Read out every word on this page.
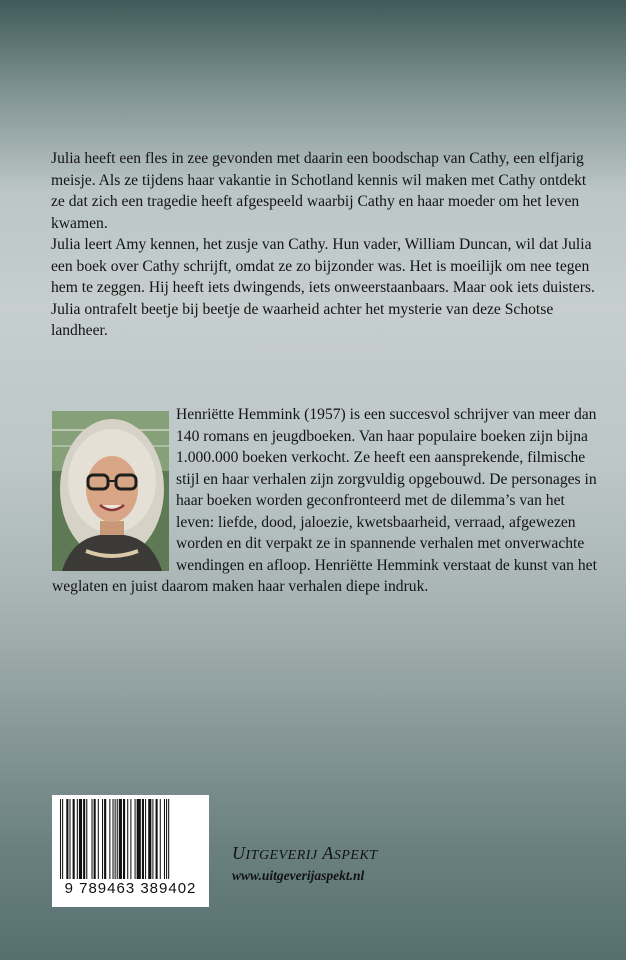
Julia heeft een fles in zee gevonden met daarin een boodschap van Cathy, een elfjarig meisje. Als ze tijdens haar vakantie in Schotland kennis wil maken met Cathy ontdekt ze dat zich een tragedie heeft afgespeeld waarbij Cathy en haar moeder om het leven kwamen.

Julia leert Amy kennen, het zusje van Cathy. Hun vader, William Duncan, wil dat Julia een boek over Cathy schrijft, omdat ze zo bijzonder was. Het is moeilijk om nee tegen hem te zeggen. Hij heeft iets dwingends, iets onweerstaanbaars. Maar ook iets duisters. Julia ontrafelt beetje bij beetje de waarheid achter het mysterie van deze Schotse landheer.

Henriëtte Hemmink (1957) is een succesvol schrijver van meer dan 140 romans en jeugdboeken. Van haar populaire boeken zijn bijna 1.000.000 boeken verkocht. Ze heeft een aansprekende, filmische stijl en haar verhalen zijn zorgvuldig opgebouwd. De personages in haar boeken worden geconfronteerd met de dilemma’s van het leven: liefde, dood, jaloezie, kwetsbaarheid, verraad, afgewezen worden en dit verpakt ze in spannende verhalen met onverwachte wendingen en afloop. Henriëtte Hemmink verstaat de kunst van het weglaten en juist daarom maken haar verhalen diepe indruk.
9 789463 389402
UITGEVERIJ ASPEKT
www.uitgeverijaspekt.nl
